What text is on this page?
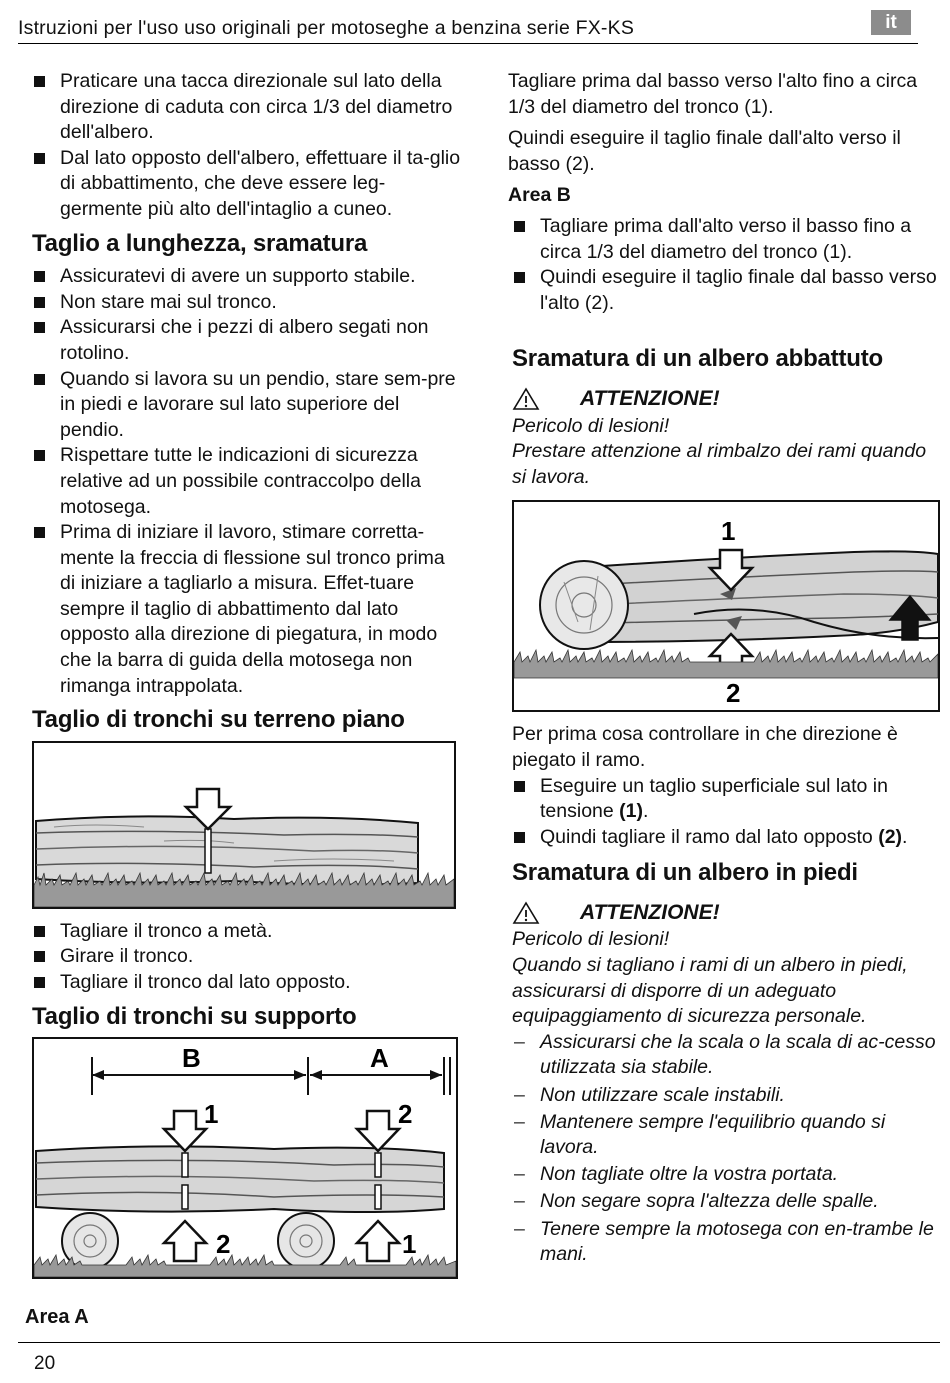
Istruzioni per l'uso uso originali per motoseghe a benzina serie FX-KS	it
Praticare una tacca direzionale sul lato della direzione di caduta con circa 1/3 del diametro dell'albero.
Dal lato opposto dell'albero, effettuare il ta-glio di abbattimento, che deve essere leg-germente più alto dell'intaglio a cuneo.
Taglio a lunghezza, sramatura
Assicuratevi di avere un supporto stabile.
Non stare mai sul tronco.
Assicurarsi che i pezzi di albero segati non rotolino.
Quando si lavora su un pendio, stare sem-pre in piedi e lavorare sul lato superiore del pendio.
Rispettare tutte le indicazioni di sicurezza relative ad un possibile contraccolpo della motosega.
Prima di iniziare il lavoro, stimare corretta-mente la freccia di flessione sul tronco prima di iniziare a tagliarlo a misura. Effet-tuare sempre il taglio di abbattimento dal lato opposto alla direzione di piegatura, in modo che la barra di guida della motosega non rimanga intrappolata.
Taglio di tronchi su terreno piano
Tagliare il tronco a metà.
Girare il tronco.
Tagliare il tronco dal lato opposto.
Taglio di tronchi su supporto
B	A
1	2
2	1
Area A

Tagliare prima dal basso verso l'alto fino a circa 1/3 del diametro del tronco (1).

Quindi eseguire il taglio finale dall'alto verso il basso (2).

Area B
Tagliare prima dall'alto verso il basso fino a circa 1/3 del diametro del tronco (1).
Quindi eseguire il taglio finale dal basso verso l'alto (2).
Sramatura di un albero abbattuto
ATTENZIONE!

Pericolo di lesioni!

Prestare attenzione al rimbalzo dei rami quando si lavora.

1
2

Per prima cosa controllare in che direzione è piegato il ramo.

Eseguire un taglio superficiale sul lato in tensione (1).
Quindi tagliare il ramo dal lato opposto (2).
Sramatura di un albero in piedi
ATTENZIONE!

Pericolo di lesioni!

Quando si tagliano i rami di un albero in piedi, assicurarsi di disporre di un adeguato equipaggiamento di sicurezza personale.

– Assicurarsi che la scala o la scala di ac-cesso utilizzata sia stabile.
– Non utilizzare scale instabili.
– Mantenere sempre l'equilibrio quando si lavora.
– Non tagliate oltre la vostra portata.
– Non segare sopra l'altezza delle spalle.
– Tenere sempre la motosega con en-trambe le mani.
20
